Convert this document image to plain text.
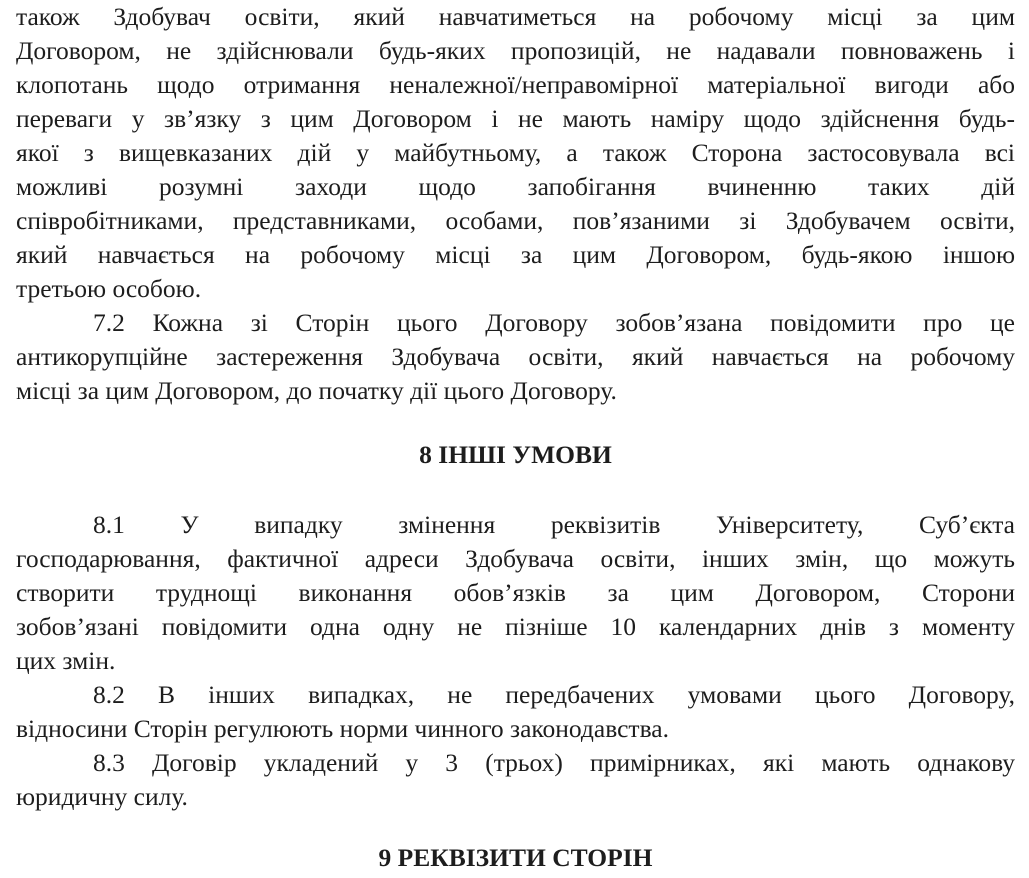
також Здобувач освіти, який навчатиметься на робочому місці за цим
Договором, не здійснювали будь-яких пропозицій, не надавали повноважень і
клопотань щодо отримання неналежної/неправомірної матеріальної вигоди або
переваги у зв’язку з цим Договором і не мають наміру щодо здійснення будь-
якої з вищевказаних дій у майбутньому, а також Сторона застосовувала всі
можливі розумні заходи щодо запобігання вчиненню таких дій
співробітниками, представниками, особами, пов’язаними зі Здобувачем освіти,
який навчається на робочому місці за цим Договором, будь-якою іншою
третьою особою.
7.2 Кожна зі Сторін цього Договору зобов’язана повідомити про це
антикорупційне застереження Здобувача освіти, який навчається на робочому
місці за цим Договором, до початку дії цього Договору.
8 ІНШІ УМОВИ
8.1 У випадку змінення реквізитів Університету, Суб’єкта
господарювання, фактичної адреси Здобувача освіти, інших змін, що можуть
створити труднощі виконання обов’язків за цим Договором, Сторони
зобов’язані повідомити одна одну не пізніше 10 календарних днів з моменту
цих змін.
8.2 В інших випадках, не передбачених умовами цього Договору,
відносини Сторін регулюють норми чинного законодавства.
8.3 Договір укладений у 3 (трьох) примірниках, які мають однакову
юридичну силу.
9 РЕКВІЗИТИ СТОРІН
